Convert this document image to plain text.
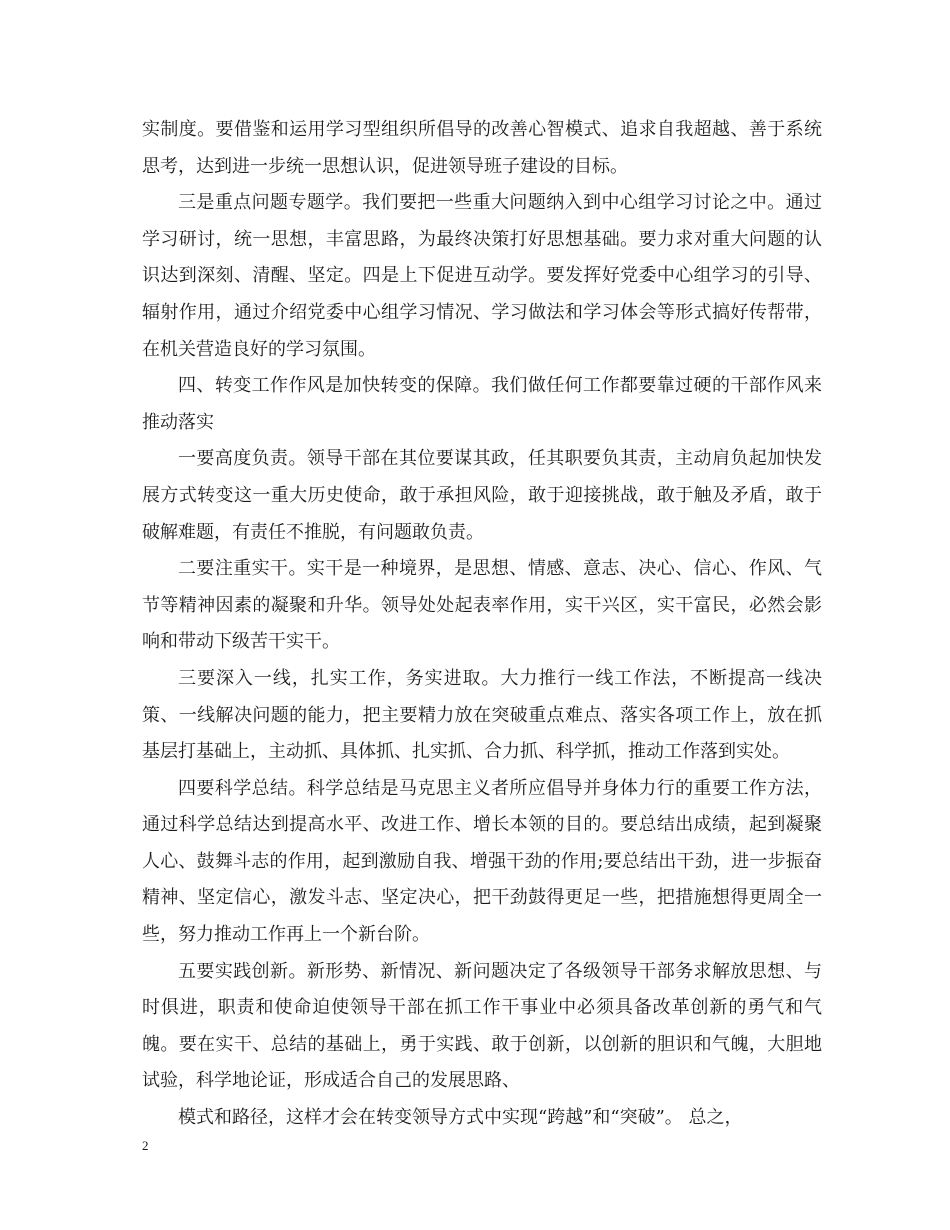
实制度。要借鉴和运用学习型组织所倡导的改善心智模式、追求自我超越、善于系统思考，达到进一步统一思想认识，促进领导班子建设的目标。

三是重点问题专题学。我们要把一些重大问题纳入到中心组学习讨论之中。通过学习研讨，统一思想，丰富思路，为最终决策打好思想基础。要力求对重大问题的认识达到深刻、清醒、坚定。四是上下促进互动学。要发挥好党委中心组学习的引导、辐射作用，通过介绍党委中心组学习情况、学习做法和学习体会等形式搞好传帮带，在机关营造良好的学习氛围。

四、转变工作作风是加快转变的保障。我们做任何工作都要靠过硬的干部作风来推动落实

一要高度负责。领导干部在其位要谋其政，任其职要负其责，主动肩负起加快发展方式转变这一重大历史使命，敢于承担风险，敢于迎接挑战，敢于触及矛盾，敢于破解难题，有责任不推脱，有问题敢负责。

二要注重实干。实干是一种境界，是思想、情感、意志、决心、信心、作风、气节等精神因素的凝聚和升华。领导处处起表率作用，实干兴区，实干富民，必然会影响和带动下级苦干实干。

三要深入一线，扎实工作，务实进取。大力推行一线工作法，不断提高一线决策、一线解决问题的能力，把主要精力放在突破重点难点、落实各项工作上，放在抓基层打基础上，主动抓、具体抓、扎实抓、合力抓、科学抓，推动工作落到实处。

四要科学总结。科学总结是马克思主义者所应倡导并身体力行的重要工作方法，通过科学总结达到提高水平、改进工作、增长本领的目的。要总结出成绩，起到凝聚人心、鼓舞斗志的作用，起到激励自我、增强干劲的作用;要总结出干劲，进一步振奋精神、坚定信心，激发斗志、坚定决心，把干劲鼓得更足一些，把措施想得更周全一些，努力推动工作再上一个新台阶。

五要实践创新。新形势、新情况、新问题决定了各级领导干部务求解放思想、与时俱进，职责和使命迫使领导干部在抓工作干事业中必须具备改革创新的勇气和气魄。要在实干、总结的基础上，勇于实践、敢于创新，以创新的胆识和气魄，大胆地试验，科学地论证，形成适合自己的发展思路、

模式和路径，这样才会在转变领导方式中实现“跨越”和“突破”。 总之，

2
